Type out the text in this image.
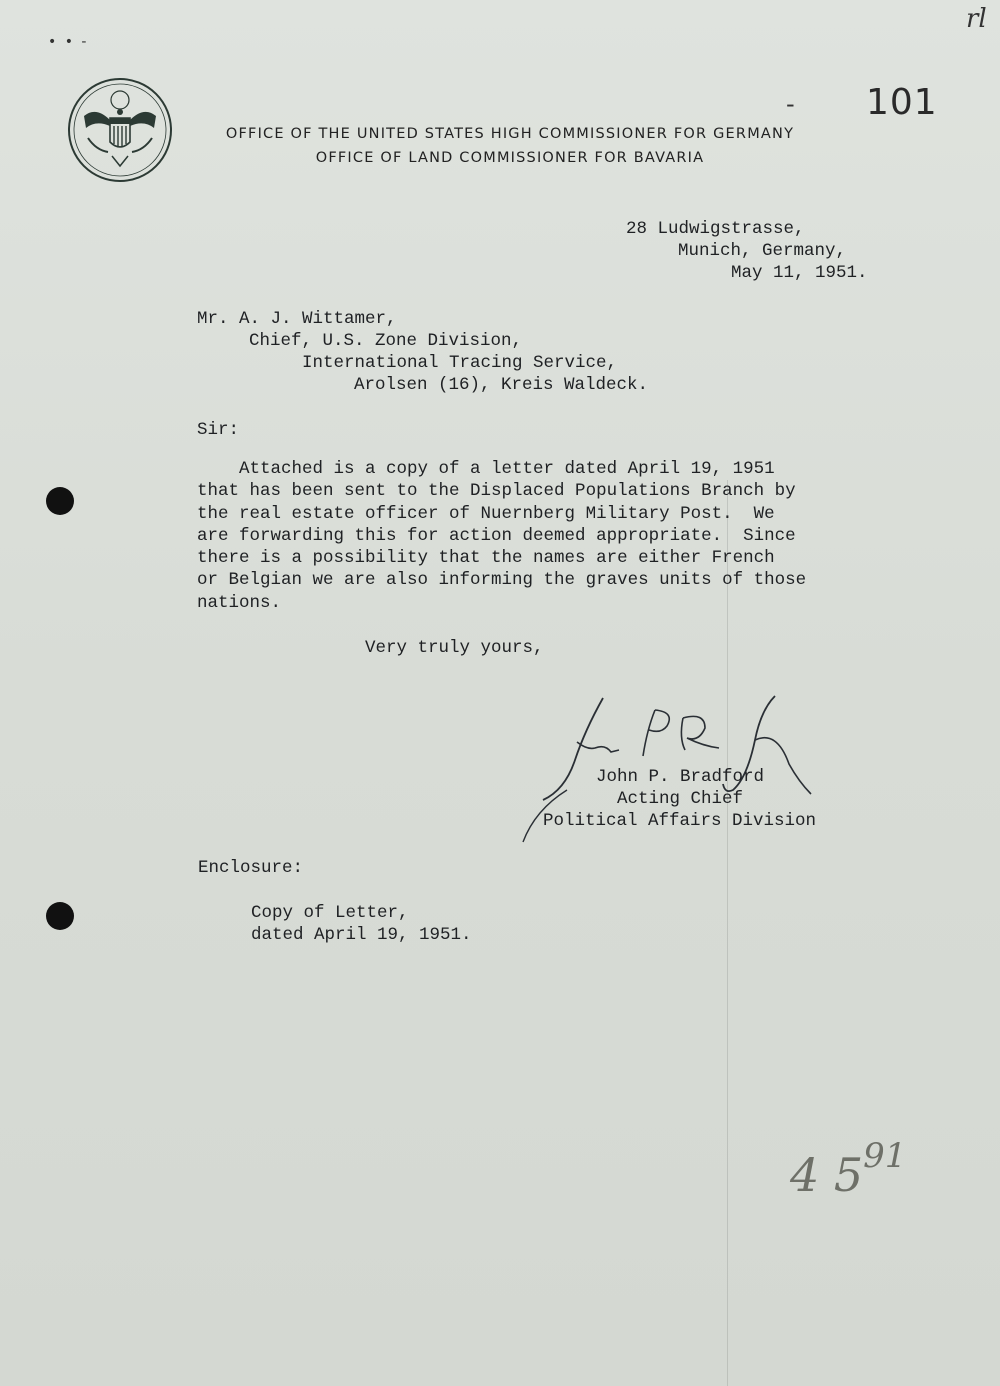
• • -
rl
- 101
OFFICE OF THE UNITED STATES HIGH COMMISSIONER FOR GERMANY
OFFICE OF LAND COMMISSIONER FOR BAVARIA
28 Ludwigstrasse,
Munich, Germany,
May 11, 1951.
Mr. A. J. Wittamer,
Chief, U.S. Zone Division,
International Tracing Service,
Arolsen (16), Kreis Waldeck.
Sir:
Attached is a copy of a letter dated April 19, 1951
that has been sent to the Displaced Populations Branch by
the real estate officer of Nuernberg Military Post.  We
are forwarding this for action deemed appropriate.  Since
there is a possibility that the names are either French
or Belgian we are also informing the graves units of those
nations.
Very truly yours,
John P. Bradford
Acting Chief
Political Affairs Division
Enclosure:
Copy of Letter,
dated April 19, 1951.
4 $5^{91}$
